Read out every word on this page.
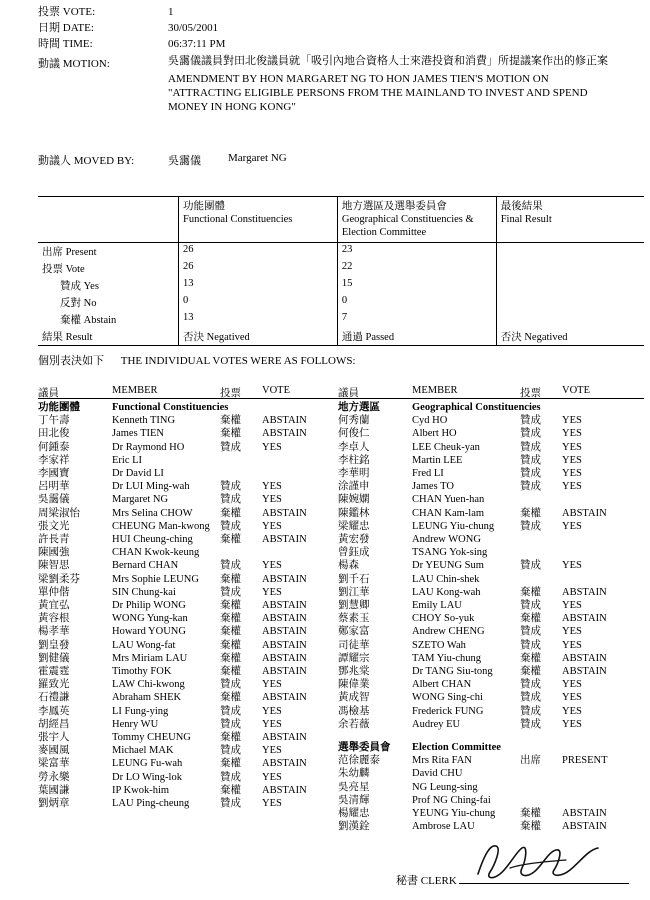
投票 VOTE:	1
日期 DATE:	30/05/2001
時間 TIME:	06:37:11 PM
動議 MOTION:	吳靄儀議員對田北俊議員就「吸引內地合資格人士來港投資和消費」所提議案作出的修正案

AMENDMENT BY HON MARGARET NG TO HON JAMES TIEN'S MOTION ON "ATTRACTING ELIGIBLE PERSONS FROM THE MAINLAND TO INVEST AND SPEND MONEY IN HONG KONG"

動議人 MOVED BY:	吳靄儀 Margaret NG

	功能團體
Functional Constituencies	地方選區及選舉委員會
Geographical Constituencies & Election Committee	最後結果
Final Result

出席 Present	26	23	
投票 Vote	26	22	
贊成 Yes	13	15	
反對 No	0	0	
棄權 Abstain	13	7	
結果 Result	否決 Negatived	通過 Passed	否決 Negatived
個別表決如下 THE INDIVIDUAL VOTES WERE AS FOLLOWS:
議員	MEMBER	投票	VOTE	議員	MEMBER	投票	VOTE
功能團體	Functional Constituencies
丁午壽	Kenneth TING	棄權	ABSTAIN
田北俊	James TIEN	棄權	ABSTAIN
何鍾泰	Dr Raymond HO	贊成	YES
李家祥	Eric LI
李國寶	Dr David LI
呂明華	Dr LUI Ming-wah	贊成	YES
吳靄儀	Margaret NG	贊成	YES
周梁淑怡	Mrs Selina CHOW	棄權	ABSTAIN
張文光	CHEUNG Man-kwong 贊成	YES
許長青	HUI Cheung-ching	棄權	ABSTAIN
陳國強	CHAN Kwok-keung
陳智思	Bernard CHAN	贊成	YES
梁劉柔芬	Mrs Sophie LEUNG	棄權	ABSTAIN
單仲偕	SIN Chung-kai	贊成	YES
黃宜弘	Dr Philip WONG	棄權	ABSTAIN
黃容根	WONG Yung-kan	棄權	ABSTAIN
楊孝華	Howard YOUNG	棄權	ABSTAIN
劉皇發	LAU Wong-fat	棄權	ABSTAIN
劉健儀	Mrs Miriam LAU	棄權	ABSTAIN
霍震霆	Timothy FOK	棄權	ABSTAIN
羅致光	LAW Chi-kwong	贊成	YES
石禮謙	Abraham SHEK	棄權	ABSTAIN
李鳳英	LI Fung-ying	贊成	YES
胡經昌	Henry WU	贊成	YES
張宇人	Tommy CHEUNG	棄權	ABSTAIN
麥國風	Michael MAK	贊成	YES
梁富華	LEUNG Fu-wah	棄權	ABSTAIN
勞永樂	Dr LO Wing-lok	贊成	YES
葉國謙	IP Kwok-him	棄權	ABSTAIN
劉炳章	LAU Ping-cheung	贊成	YES
地方選區	Geographical Constituencies
何秀蘭	Cyd HO	贊成	YES
何俊仁	Albert HO	贊成	YES
李卓人	LEE Cheuk-yan	贊成	YES
李柱銘	Martin LEE	贊成	YES
李華明	Fred LI	贊成	YES
涂謹申	James TO	贊成	YES
陳婉嫻	CHAN Yuen-han
陳鑑林	CHAN Kam-lam	棄權	ABSTAIN
梁耀忠	LEUNG Yiu-chung	贊成	YES
黃宏發	Andrew WONG
曾鈺成	TSANG Yok-sing
楊森	Dr YEUNG Sum	贊成	YES
劉千石	LAU Chin-shek
劉江華	LAU Kong-wah	棄權	ABSTAIN
劉慧卿	Emily LAU	贊成	YES
蔡素玉	CHOY So-yuk	棄權	ABSTAIN
鄭家富	Andrew CHENG	贊成	YES
司徒華	SZETO Wah	贊成	YES
譚耀宗	TAM Yiu-chung	棄權	ABSTAIN
鄧兆棠	Dr TANG Siu-tong	棄權	ABSTAIN
陳偉業	Albert CHAN	贊成	YES
黃成智	WONG Sing-chi	贊成	YES
馮檢基	Frederick FUNG	贊成	YES
余若薇	Audrey EU	贊成	YES
選舉委員會	Election Committee
范徐麗泰	Mrs Rita FAN	出席	PRESENT
朱幼麟	David CHU
吳亮星	NG Leung-sing
吳清輝	Prof NG Ching-fai
楊耀忠	YEUNG Yiu-chung	棄權	ABSTAIN
劉漢銓	Ambrose LAU	棄權	ABSTAIN
秘書 CLERK
